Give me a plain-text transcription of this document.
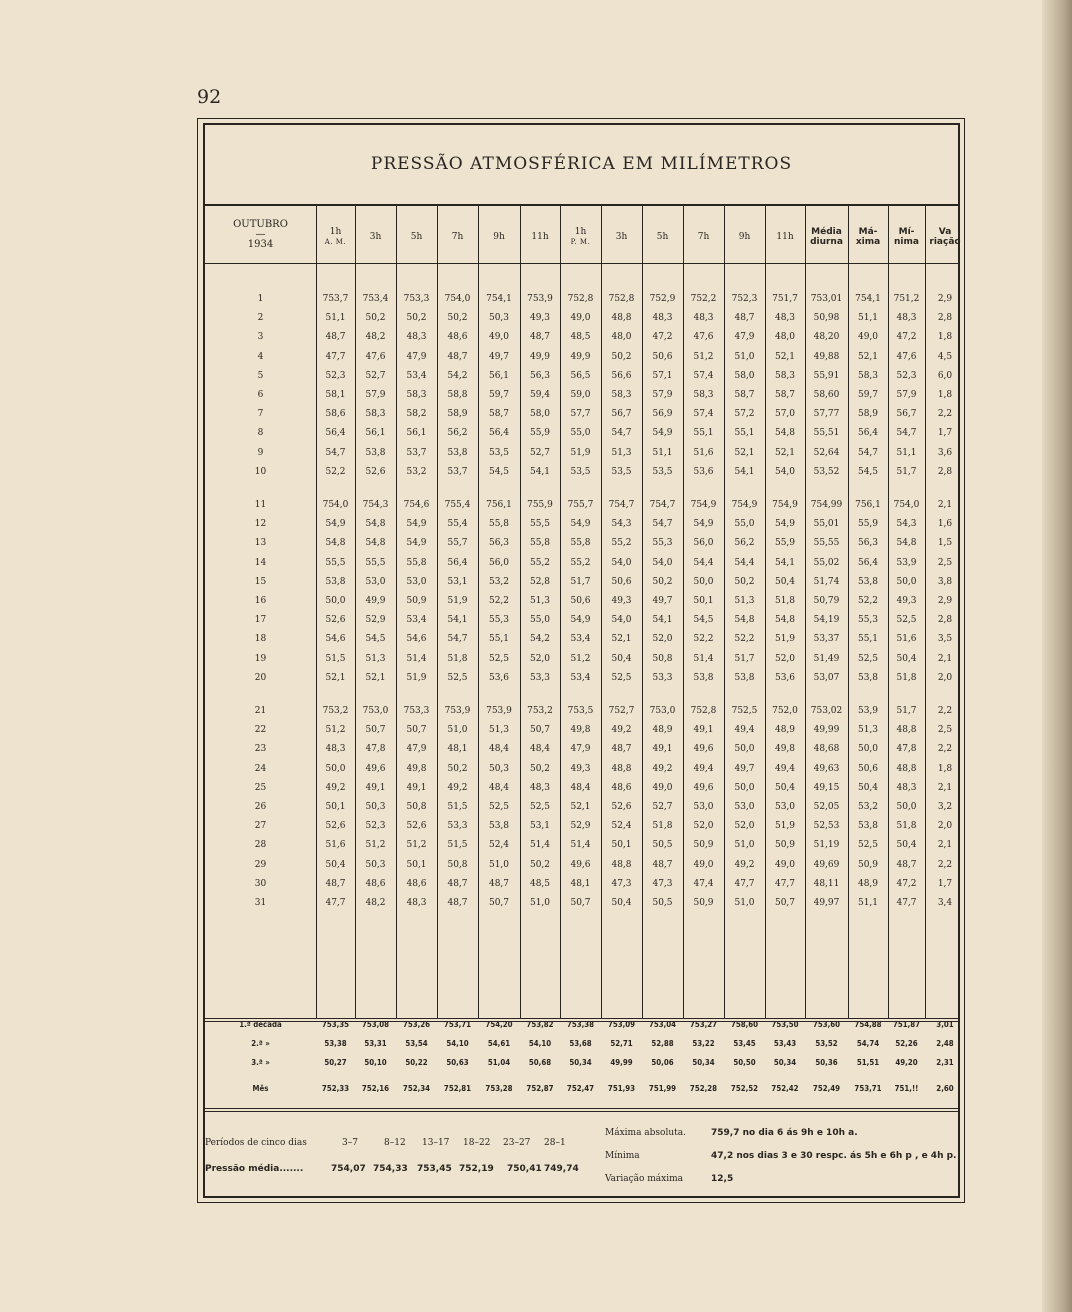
92
PRESSÃO ATMOSFÉRICA EM MILÍMETROS
OUTUBRO
—
1934
1h
A. M.	3h	5h	7h	9h	11h	1h
P. M.	3h	5h	7h	9h	11h Média
diurna
Má-
xima
Mí-
nima
Va
riação
1	753,7	753,4	753,3	754,0	754,1	753,9	752,8	752,8	752,9	752,2	752,3	751,7	753,01	754,1	751,2	2,9
2	51,1	50,2	50,2	50,2	50,3	49,3	49,0	48,8	48,3	48,3	48,7	48,3	50,98	51,1	48,3	2,8
3	48,7	48,2	48,3	48,6	49,0	48,7	48,5	48,0	47,2	47,6	47,9	48,0	48,20	49,0	47,2	1,8
4	47,7	47,6	47,9	48,7	49,7	49,9	49,9	50,2	50,6	51,2	51,0	52,1	49,88	52,1	47,6	4,5
5	52,3	52,7	53,4	54,2	56,1	56,3	56,5	56,6	57,1	57,4	58,0	58,3	55,91	58,3	52,3	6,0
6	58,1	57,9	58,3	58,8	59,7	59,4	59,0	58,3	57,9	58,3	58,7	58,7	58,60	59,7	57,9	1,8
7	58,6	58,3	58,2	58,9	58,7	58,0	57,7	56,7	56,9	57,4	57,2	57,0	57,77	58,9	56,7	2,2
8	56,4	56,1	56,1	56,2	56,4	55,9	55,0	54,7	54,9	55,1	55,1	54,8	55,51	56,4	54,7	1,7
9	54,7	53,8	53,7	53,8	53,5	52,7	51,9	51,3	51,1	51,6	52,1	52,1	52,64	54,7	51,1	3,6
10	52,2	52,6	53,2	53,7	54,5	54,1	53,5	53,5	53,5	53,6	54,1	54,0	53,52	54,5	51,7	2,8
11	754,0	754,3	754,6	755,4	756,1	755,9	755,7	754,7	754,7	754,9	754,9	754,9	754,99	756,1	754,0	2,1
12	54,9	54,8	54,9	55,4	55,8	55,5	54,9	54,3	54,7	54,9	55,0	54,9	55,01	55,9	54,3	1,6
13	54,8	54,8	54,9	55,7	56,3	55,8	55,8	55,2	55,3	56,0	56,2	55,9	55,55	56,3	54,8	1,5
14	55,5	55,5	55,8	56,4	56,0	55,2	55,2	54,0	54,0	54,4	54,4	54,1	55,02	56,4	53,9	2,5
15	53,8	53,0	53,0	53,1	53,2	52,8	51,7	50,6	50,2	50,0	50,2	50,4	51,74	53,8	50,0	3,8
16	50,0	49,9	50,9	51,9	52,2	51,3	50,6	49,3	49,7	50,1	51,3	51,8	50,79	52,2	49,3	2,9
17	52,6	52,9	53,4	54,1	55,3	55,0	54,9	54,0	54,1	54,5	54,8	54,8	54,19	55,3	52,5	2,8
18	54,6	54,5	54,6	54,7	55,1	54,2	53,4	52,1	52,0	52,2	52,2	51,9	53,37	55,1	51,6	3,5
19	51,5	51,3	51,4	51,8	52,5	52,0	51,2	50,4	50,8	51,4	51,7	52,0	51,49	52,5	50,4	2,1
20	52,1	52,1	51,9	52,5	53,6	53,3	53,4	52,5	53,3	53,8	53,8	53,6	53,07	53,8	51,8	2,0
21	753,2	753,0	753,3	753,9	753,9	753,2	753,5	752,7	753,0	752,8	752,5	752,0	753,02	53,9	51,7	2,2
22	51,2	50,7	50,7	51,0	51,3	50,7	49,8	49,2	48,9	49,1	49,4	48,9	49,99	51,3	48,8	2,5
23	48,3	47,8	47,9	48,1	48,4	48,4	47,9	48,7	49,1	49,6	50,0	49,8	48,68	50,0	47,8	2,2
24	50,0	49,6	49,8	50,2	50,3	50,2	49,3	48,8	49,2	49,4	49,7	49,4	49,63	50,6	48,8	1,8
25	49,2	49,1	49,1	49,2	48,4	48,3	48,4	48,6	49,0	49,6	50,0	50,4	49,15	50,4	48,3	2,1
26	50,1	50,3	50,8	51,5	52,5	52,5	52,1	52,6	52,7	53,0	53,0	53,0	52,05	53,2	50,0	3,2
27	52,6	52,3	52,6	53,3	53,8	53,1	52,9	52,4	51,8	52,0	52,0	51,9	52,53	53,8	51,8	2,0
28	51,6	51,2	51,2	51,5	52,4	51,4	51,4	50,1	50,5	50,9	51,0	50,9	51,19	52,5	50,4	2,1
29	50,4	50,3	50,1	50,8	51,0	50,2	49,6	48,8	48,7	49,0	49,2	49,0	49,69	50,9	48,7	2,2
30	48,7	48,6	48,6	48,7	48,7	48,5	48,1	47,3	47,3	47,4	47,7	47,7	48,11	48,9	47,2	1,7
31	47,7	48,2	48,3	48,7	50,7	51,0	50,7	50,4	50,5	50,9	51,0	50,7	49,97	51,1	47,7	3,4
1.ª decada	753,35	753,08	753,26	753,71	754,20	753,82	753,38	753,09	753,04	753,27	758,60	753,50	753,60	754,88	751,87	3,01
2.ª »	53,38	53,31	53,54	54,10	54,61	54,10	53,68	52,71	52,88	53,22	53,45	53,43	53,52	54,74	52,26	2,48
3.ª »	50,27	50,10	50,22	50,63	51,04	50,68	50,34	49,99	50,06	50,34	50,50	50,34	50,36	51,51	49,20	2,31
Mês	752,33	752,16	752,34	752,81	753,28	752,87	752,47	751,93	751,99	752,28	752,52	752,42	752,49	753,71	751,!!	2,60
Períodos de cinco dias	3–7	8–12 13–17 18–22 23–27 28–1
Pressão média.......	754,07 754,33 753,45 752,19 750,41 749,74
Máxima absoluta.	759,7 no dia 6 ás 9h e 10h a.
Mínima	47,2 nos dias 3 e 30 respc. ás 5h e 6h p , e 4h p.
Variação máxima	12,5
